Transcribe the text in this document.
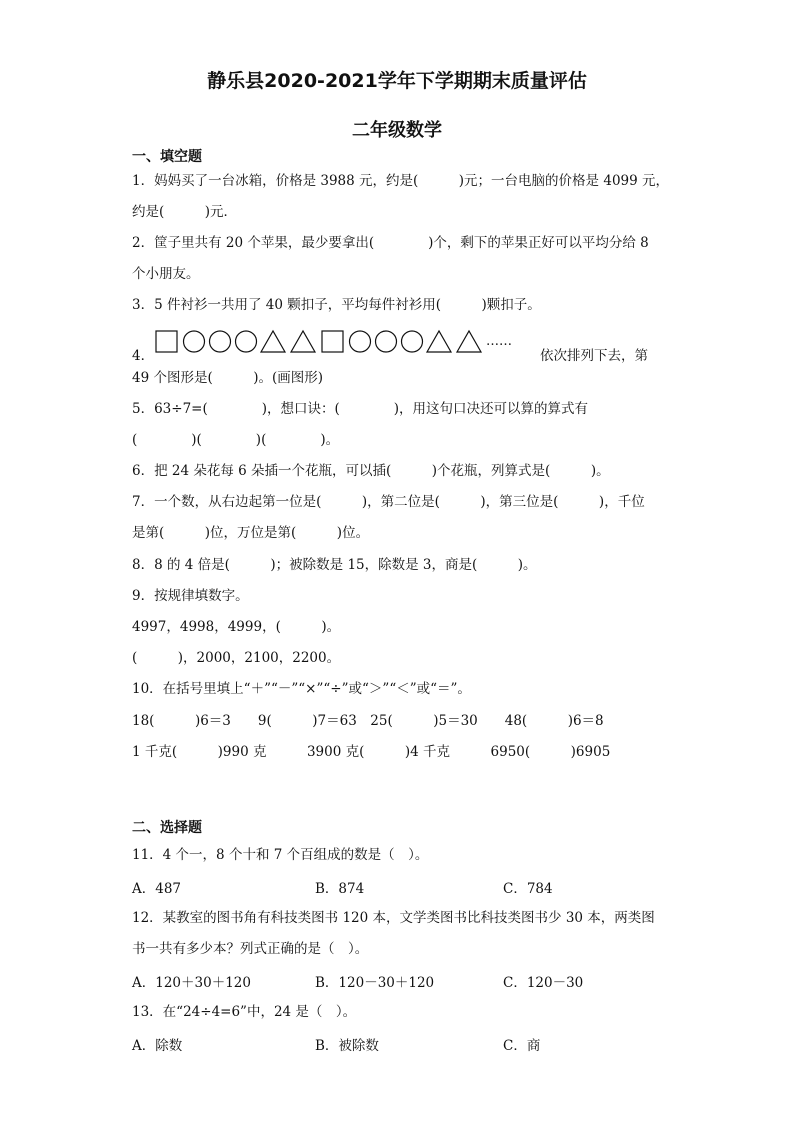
静乐县2020-2021学年下学期期末质量评估
二年级数学
一、填空题
1．妈妈买了一台冰箱，价格是 3988 元，约是(　　　)元；一台电脑的价格是 4099 元，
约是(　　　)元．
2．筐子里共有 20 个苹果，最少要拿出(　　　　)个，剩下的苹果正好可以平均分给 8
个小朋友。
3．5 件衬衫一共用了 40 颗扣子，平均每件衬衫用(　　　)颗扣子。
4．
……
依次排列下去，第
49 个图形是(　　　)。(画图形)
5．63÷7=(　　　　)，想口诀：(　　　　)，用这句口决还可以算的算式有
(　　　　)(　　　　)(　　　　)。
6．把 24 朵花每 6 朵插一个花瓶，可以插(　　　)个花瓶，列算式是(　　　)。
7．一个数，从右边起第一位是(　　　)，第二位是(　　　)，第三位是(　　　)，千位
是第(　　　)位，万位是第(　　　)位。
8．8 的 4 倍是(　　　)；被除数是 15，除数是 3，商是(　　　)。
9．按规律填数字。
4997，4998，4999，(　　　)。
(　　　)，2000，2100，2200。
10．在括号里填上“＋”“－”“×”“÷”或“＞”“＜”或“＝”。
18(　　　)6＝3　　9(　　　)7＝63　25(　　　)5＝30　　48(　　　)6＝8
1 千克(　　　)990 克　　　3900 克(　　　)4 千克　　　6950(　　　)6905
二、选择题
11．4 个一，8 个十和 7 个百组成的数是（　）。
A．487	B．874	C．784
12．某教室的图书角有科技类图书 120 本，文学类图书比科技类图书少 30 本，两类图
书一共有多少本？列式正确的是（　）。
A．120＋30＋120	B．120－30＋120	C．120－30
13．在“24÷4=6”中，24 是（　）。
A．除数	B．被除数	C．商
